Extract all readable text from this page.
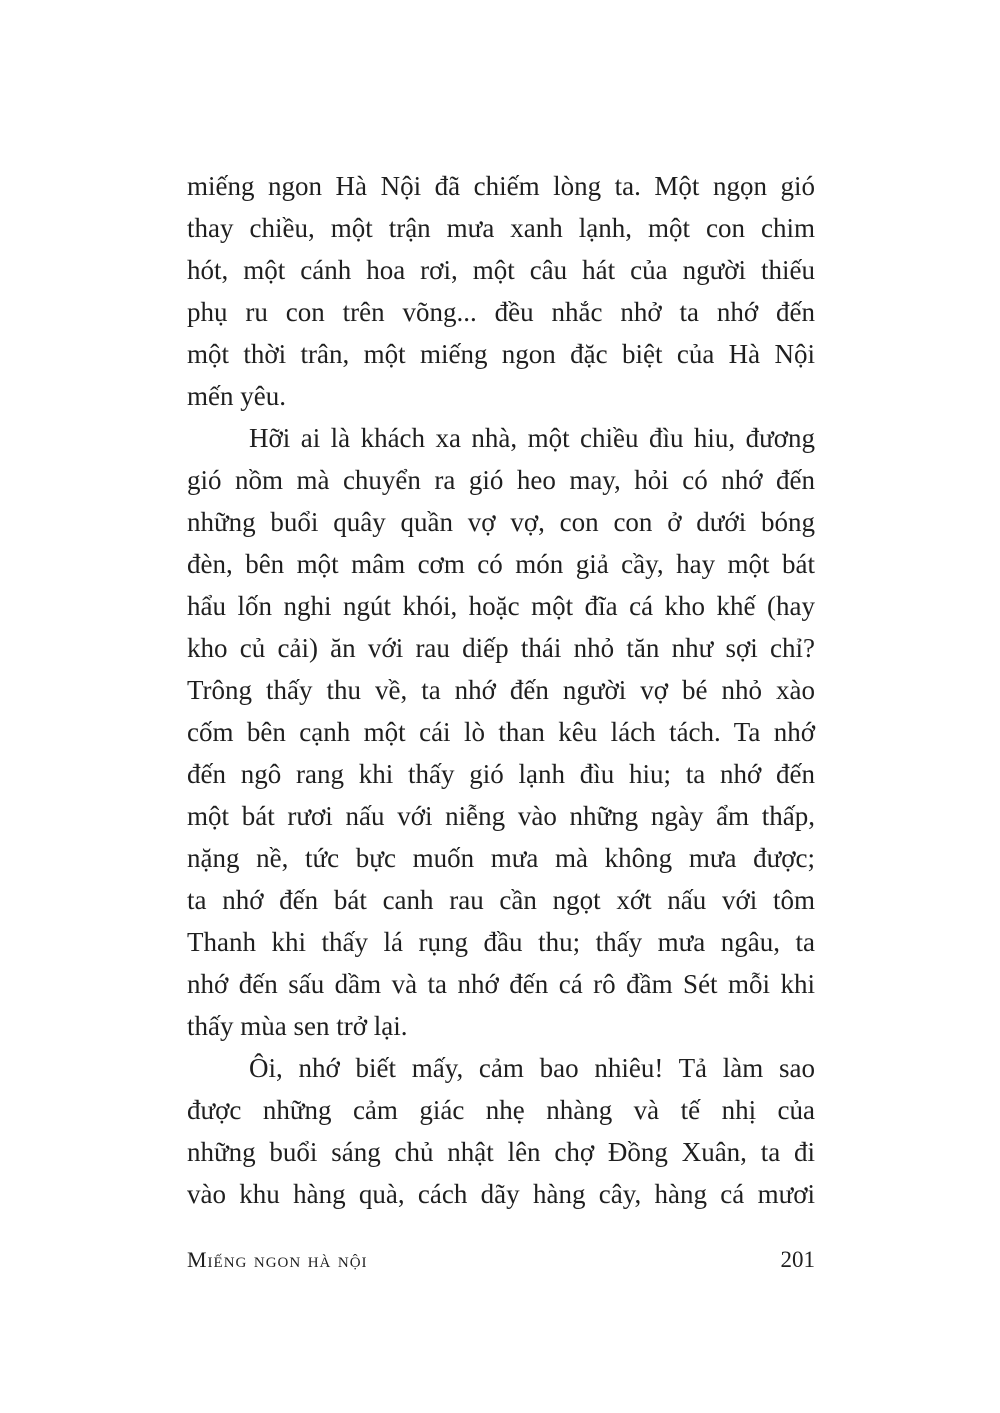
miếng ngon Hà Nội đã chiếm lòng ta. Một ngọn gió
thay chiều, một trận mưa xanh lạnh, một con chim
hót, một cánh hoa rơi, một câu hát của người thiếu
phụ ru con trên võng... đều nhắc nhở ta nhớ đến
một thời trân, một miếng ngon đặc biệt của Hà Nội
mến yêu.
Hỡi ai là khách xa nhà, một chiều đìu hiu, đương
gió nồm mà chuyển ra gió heo may, hỏi có nhớ đến
những buổi quây quần vợ vợ, con con ở dưới bóng
đèn, bên một mâm cơm có món giả cầy, hay một bát
hẩu lốn nghi ngút khói, hoặc một đĩa cá kho khế (hay
kho củ cải) ăn với rau diếp thái nhỏ tăn như sợi chỉ?
Trông thấy thu về, ta nhớ đến người vợ bé nhỏ xào
cốm bên cạnh một cái lò than kêu lách tách. Ta nhớ
đến ngô rang khi thấy gió lạnh đìu hiu; ta nhớ đến
một bát rươi nấu với niễng vào những ngày ẩm thấp,
nặng nề, tức bực muốn mưa mà không mưa được;
ta nhớ đến bát canh rau cần ngọt xớt nấu với tôm
Thanh khi thấy lá rụng đầu thu; thấy mưa ngâu, ta
nhớ đến sấu dầm và ta nhớ đến cá rô đầm Sét mỗi khi
thấy mùa sen trở lại.
Ôi, nhớ biết mấy, cảm bao nhiêu! Tả làm sao
được những cảm giác nhẹ nhàng và tế nhị của
những buổi sáng chủ nhật lên chợ Đồng Xuân, ta đi
vào khu hàng quà, cách dãy hàng cây, hàng cá mươi
Miếng ngon hà nội	201
